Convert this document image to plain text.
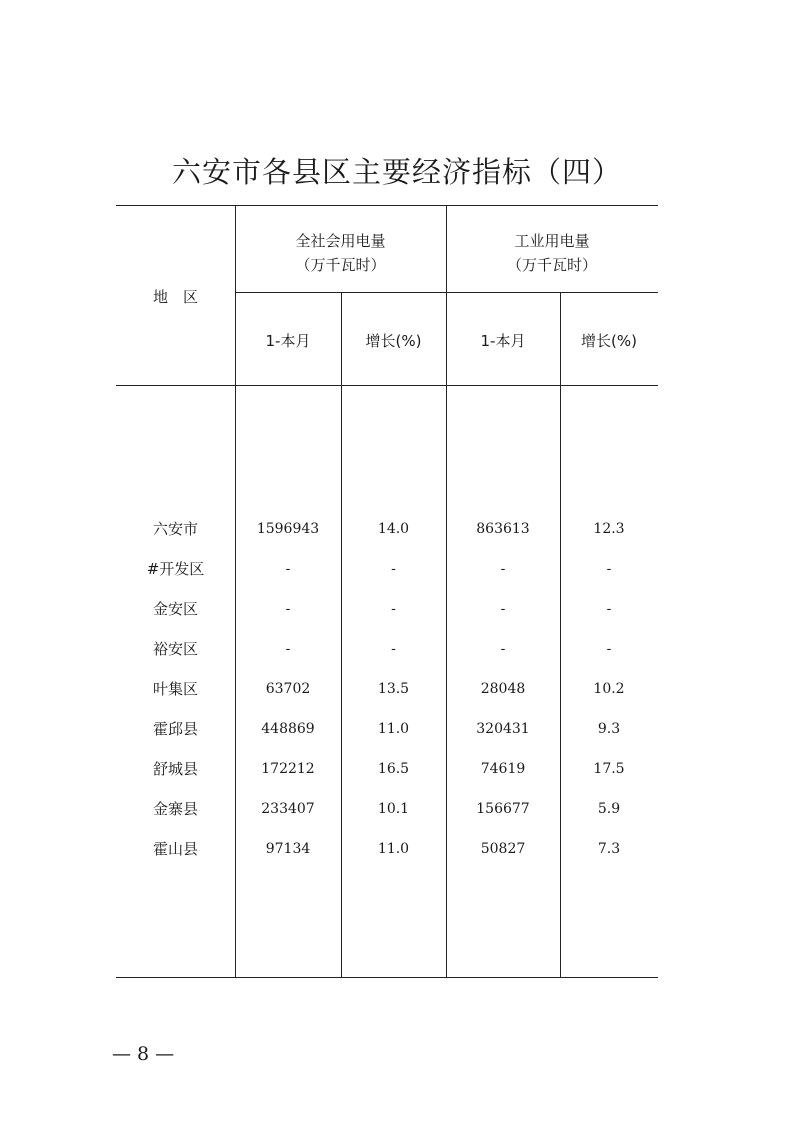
六安市各县区主要经济指标（四）
地　区
全社会用电量
（万千瓦时）
工业用电量
（万千瓦时）
1-本月	增长(%)	1-本月	增长(%)
六安市	1596943	14.0	863613	12.3
#开发区	-	-	-	-
金安区	-	-	-	-
裕安区	-	-	-	-
叶集区	63702	13.5	28048	10.2
霍邱县	448869	11.0	320431	9.3
舒城县	172212	16.5	74619	17.5
金寨县	233407	10.1	156677	5.9
霍山县	97134	11.0	50827	7.3
— 8 —
